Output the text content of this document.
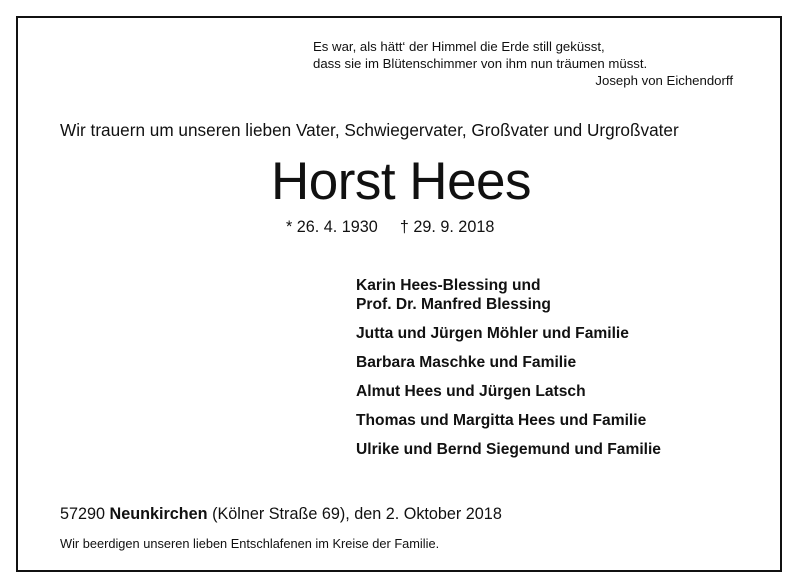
Es war, als hätt‘ der Himmel die Erde still geküsst,
dass sie im Blütenschimmer von ihm nun träumen müsst.
Joseph von Eichendorff
Wir trauern um unseren lieben Vater, Schwiegervater, Großvater und Urgroßvater
Horst Hees
* 26. 4. 1930 † 29. 9. 2018
Karin Hees-Blessing und
Prof. Dr. Manfred Blessing
Jutta und Jürgen Möhler und Familie
Barbara Maschke und Familie
Almut Hees und Jürgen Latsch
Thomas und Margitta Hees und Familie
Ulrike und Bernd Siegemund und Familie
57290 Neunkirchen (Kölner Straße 69), den 2. Oktober 2018
Wir beerdigen unseren lieben Entschlafenen im Kreise der Familie.
